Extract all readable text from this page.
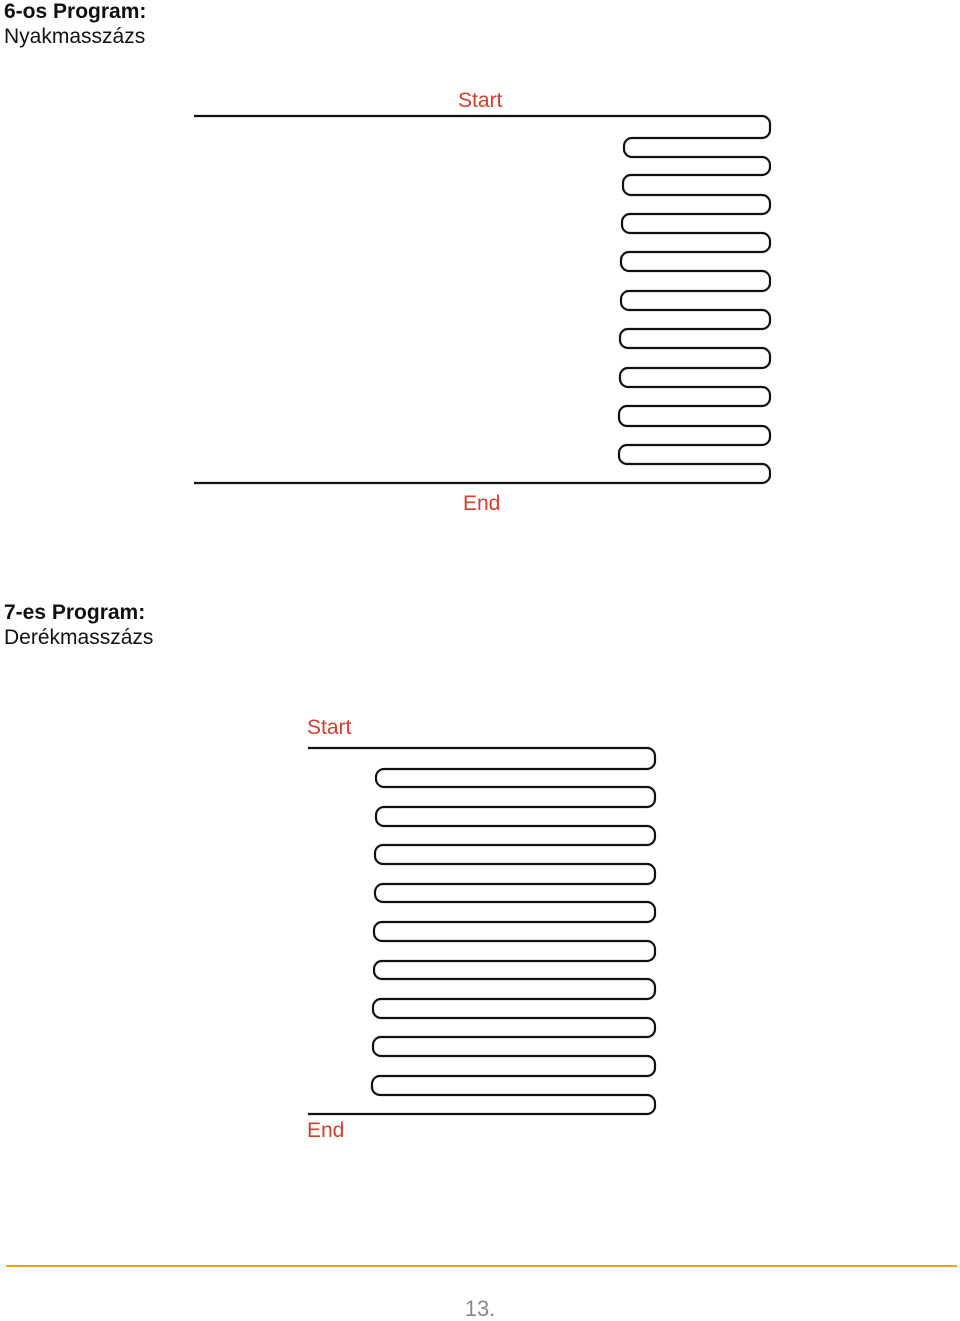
6-os Program:
Nyakmasszázs
Start
End
7-es Program:
Derékmasszázs
Start
End
13.
